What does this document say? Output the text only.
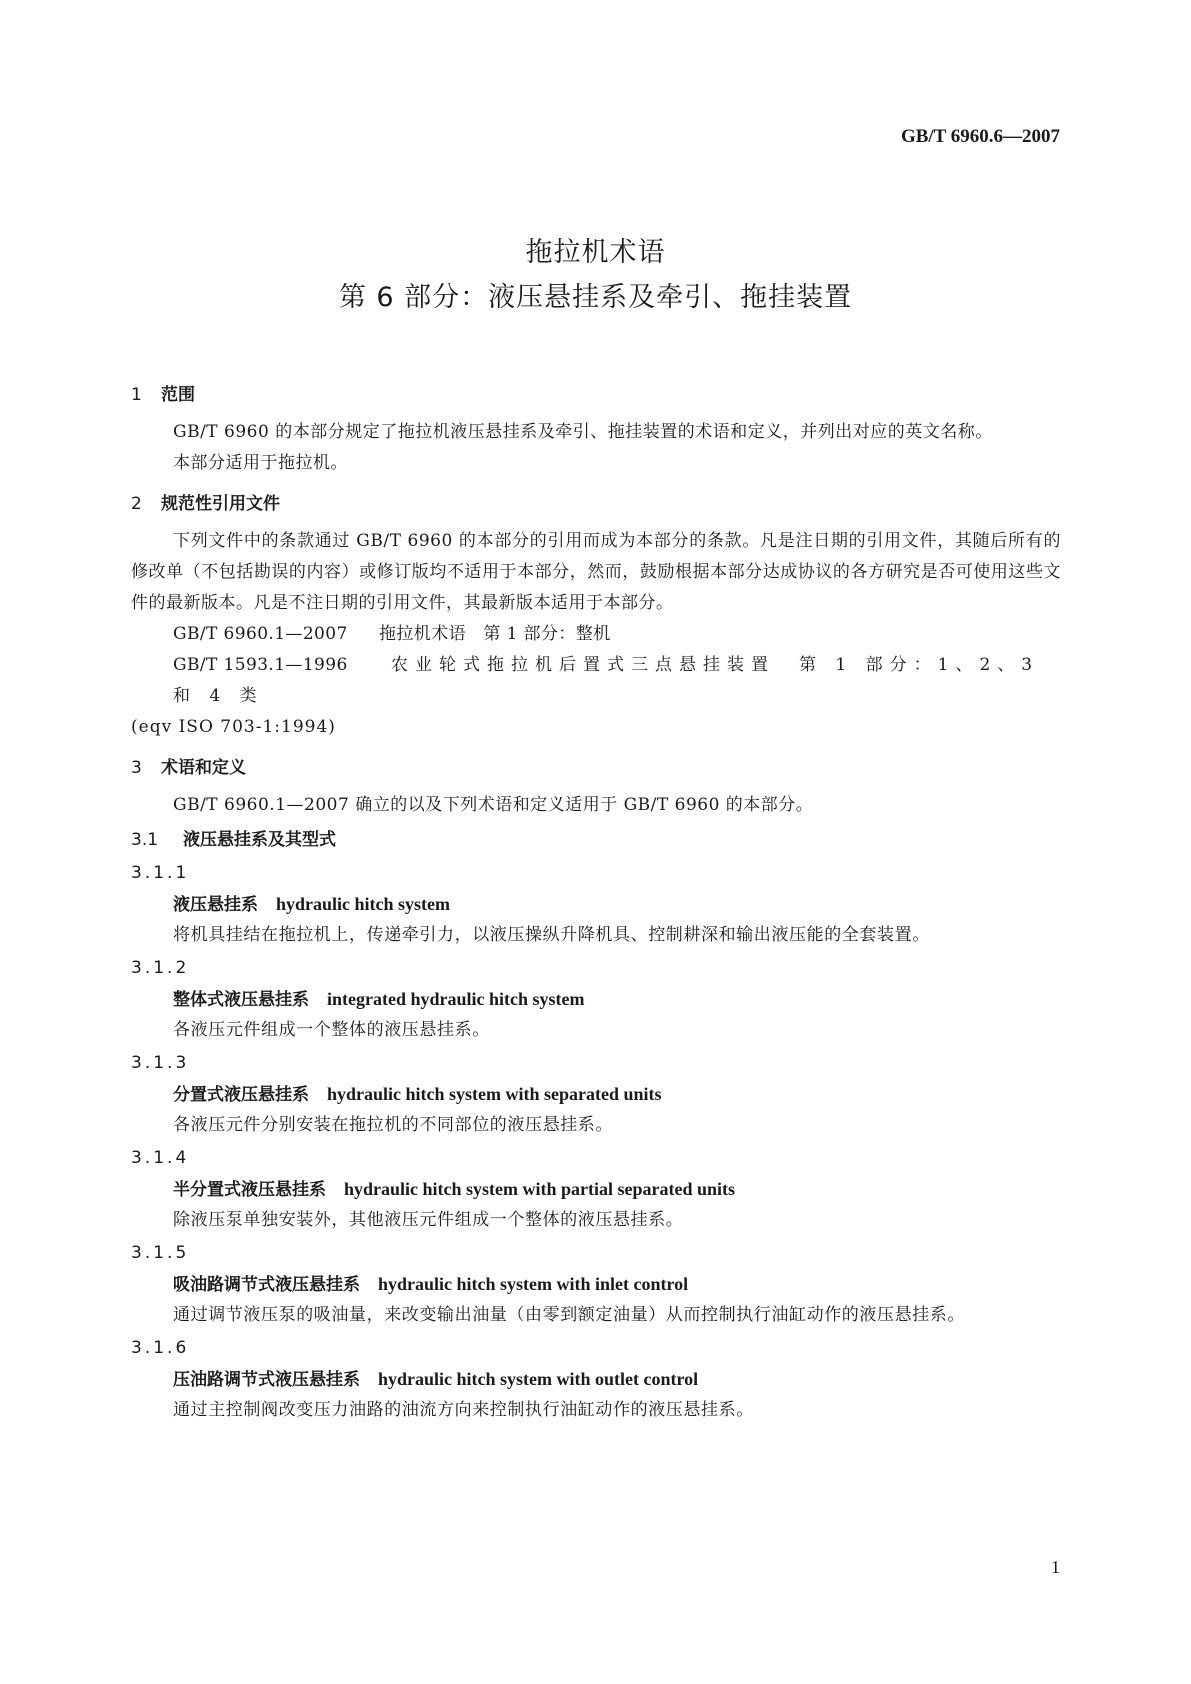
GB/T 6960.6—2007
拖拉机术语
第 6 部分：液压悬挂系及牵引、拖挂装置
1 范围
GB/T 6960 的本部分规定了拖拉机液压悬挂系及牵引、拖挂装置的术语和定义，并列出对应的英文名称。
本部分适用于拖拉机。
2 规范性引用文件
下列文件中的条款通过 GB/T 6960 的本部分的引用而成为本部分的条款。凡是注日期的引用文件，其随后所有的修改单（不包括勘误的内容）或修订版均不适用于本部分，然而，鼓励根据本部分达成协议的各方研究是否可使用这些文件的最新版本。凡是不注日期的引用文件，其最新版本适用于本部分。
GB/T 6960.1—2007 拖拉机术语　第 1 部分：整机
GB/T 1593.1—1996	农业轮式拖拉机后置式三点悬挂装置　第 1 部分：1、2、3 和 4 类
(eqv ISO 703-1:1994)
3 术语和定义
GB/T 6960.1—2007 确立的以及下列术语和定义适用于 GB/T 6960 的本部分。
3.1 液压悬挂系及其型式
3.1.1
液压悬挂系 hydraulic hitch system
将机具挂结在拖拉机上，传递牵引力，以液压操纵升降机具、控制耕深和输出液压能的全套装置。
3.1.2
整体式液压悬挂系 integrated hydraulic hitch system
各液压元件组成一个整体的液压悬挂系。
3.1.3
分置式液压悬挂系 hydraulic hitch system with separated units
各液压元件分别安装在拖拉机的不同部位的液压悬挂系。
3.1.4
半分置式液压悬挂系 hydraulic hitch system with partial separated units
除液压泵单独安装外，其他液压元件组成一个整体的液压悬挂系。
3.1.5
吸油路调节式液压悬挂系 hydraulic hitch system with inlet control
通过调节液压泵的吸油量，来改变输出油量（由零到额定油量）从而控制执行油缸动作的液压悬挂系。
3.1.6
压油路调节式液压悬挂系 hydraulic hitch system with outlet control
通过主控制阀改变压力油路的油流方向来控制执行油缸动作的液压悬挂系。
1
